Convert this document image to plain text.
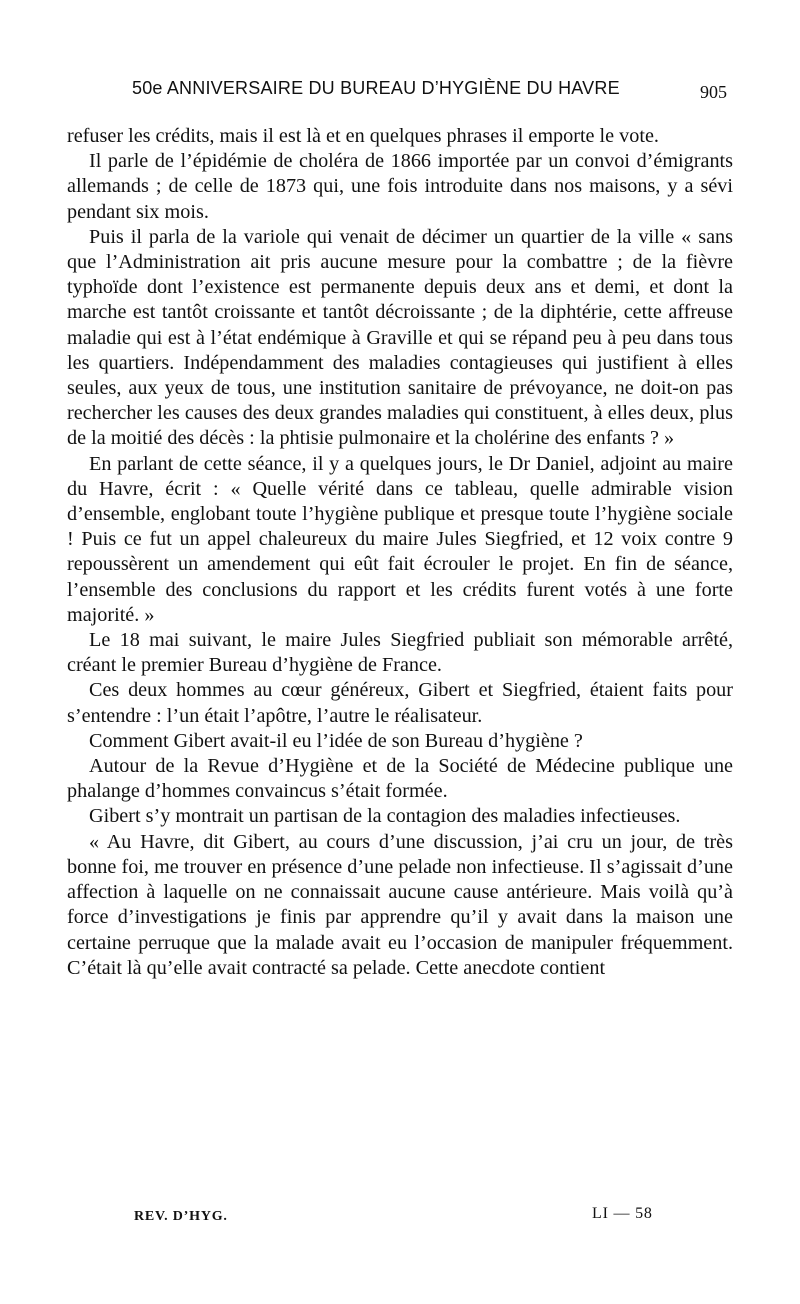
50e ANNIVERSAIRE DU BUREAU D’HYGIÈNE DU HAVRE	905

refuser les crédits, mais il est là et en quelques phrases il emporte le vote.

Il parle de l’épidémie de choléra de 1866 importée par un convoi d’émigrants allemands ; de celle de 1873 qui, une fois introduite dans nos maisons, y a sévi pendant six mois.

Puis il parla de la variole qui venait de décimer un quartier de la ville « sans que l’Administration ait pris aucune mesure pour la combattre ; de la fièvre typhoïde dont l’existence est permanente depuis deux ans et demi, et dont la marche est tantôt croissante et tantôt décroissante ; de la diphtérie, cette affreuse maladie qui est à l’état endémique à Graville et qui se répand peu à peu dans tous les quartiers. Indépendamment des maladies contagieuses qui justifient à elles seules, aux yeux de tous, une institution sanitaire de prévoyance, ne doit-on pas rechercher les causes des deux grandes maladies qui constituent, à elles deux, plus de la moitié des décès : la phtisie pulmonaire et la cholérine des enfants ? »

En parlant de cette séance, il y a quelques jours, le Dr Daniel, adjoint au maire du Havre, écrit : « Quelle vérité dans ce tableau, quelle admirable vision d’ensemble, englobant toute l’hygiène publique et presque toute l’hygiène sociale ! Puis ce fut un appel chaleureux du maire Jules Siegfried, et 12 voix contre 9 repoussèrent un amendement qui eût fait écrouler le projet. En fin de séance, l’ensemble des conclusions du rapport et les crédits furent votés à une forte majorité. »

Le 18 mai suivant, le maire Jules Siegfried publiait son mémorable arrêté, créant le premier Bureau d’hygiène de France.

Ces deux hommes au cœur généreux, Gibert et Siegfried, étaient faits pour s’entendre : l’un était l’apôtre, l’autre le réalisateur.

Comment Gibert avait-il eu l’idée de son Bureau d’hygiène ?

Autour de la Revue d’Hygiène et de la Société de Médecine publique une phalange d’hommes convaincus s’était formée.

Gibert s’y montrait un partisan de la contagion des maladies infectieuses.

« Au Havre, dit Gibert, au cours d’une discussion, j’ai cru un jour, de très bonne foi, me trouver en présence d’une pelade non infectieuse. Il s’agissait d’une affection à laquelle on ne connaissait aucune cause antérieure. Mais voilà qu’à force d’investigations je finis par apprendre qu’il y avait dans la maison une certaine perruque que la malade avait eu l’occasion de manipuler fréquemment. C’était là qu’elle avait contracté sa pelade. Cette anecdote contient

REV. D’HYG.	LI — 58
